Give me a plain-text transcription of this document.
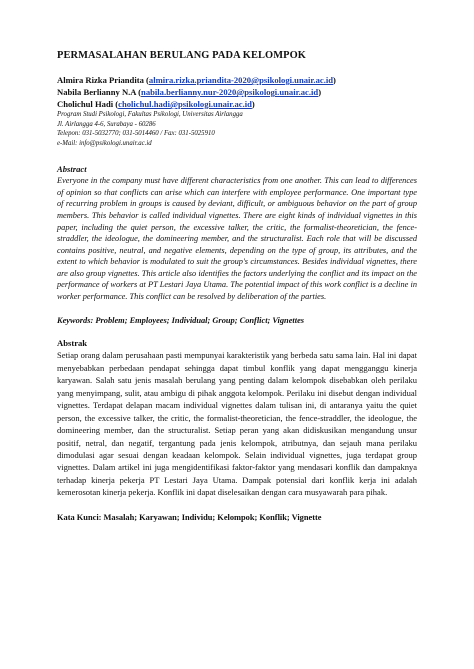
PERMASALAHAN BERULANG PADA KELOMPOK
Almira Rizka Priandita (almira.rizka.priandita-2020@psikologi.unair.ac.id)
Nabila Berlianny N.A (nabila.berlianny.nur-2020@psikologi.unair.ac.id)
Cholichul Hadi (cholichul.hadi@psikologi.unair.ac.id)
Program Studi Psikologi, Fakultas Psikologi, Universitas Airlangga
Jl. Airlangga 4-6, Surabaya - 60286
Telepon: 031-5032770; 031-5014460 / Fax: 031-5025910
e-Mail: info@psikologi.unair.ac.id
Abstract

Everyone in the company must have different characteristics from one another. This can lead to differences of opinion so that conflicts can arise which can interfere with employee performance. One important type of recurring problem in groups is caused by deviant, difficult, or ambiguous behavior on the part of group members. This behavior is called individual vignettes. There are eight kinds of individual vignettes in this paper, including the quiet person, the excessive talker, the critic, the formalist-theoretician, the fence-straddler, the ideologue, the domineering member, and the structuralist. Each role that will be discussed contains positive, neutral, and negative elements, depending on the type of group, its attributes, and the extent to which behavior is modulated to suit the group's circumstances. Besides individual vignettes, there are also group vignettes. This article also identifies the factors underlying the conflict and its impact on the performance of workers at PT Lestari Jaya Utama. The potential impact of this work conflict is a decline in worker performance. This conflict can be resolved by deliberation of the parties.

Keywords: Problem; Employees; Individual; Group; Conflict; Vignettes
Abstrak

Setiap orang dalam perusahaan pasti mempunyai karakteristik yang berbeda satu sama lain. Hal ini dapat menyebabkan perbedaan pendapat sehingga dapat timbul konflik yang dapat mengganggu kinerja karyawan. Salah satu jenis masalah berulang yang penting dalam kelompok disebabkan oleh perilaku yang menyimpang, sulit, atau ambigu di pihak anggota kelompok. Perilaku ini disebut dengan individual vignettes. Terdapat delapan macam individual vignettes dalam tulisan ini, di antaranya yaitu the quiet person, the excessive talker, the critic, the formalist-theoretician, the fence-straddler, the ideologue, the domineering member, dan the structuralist. Setiap peran yang akan didiskusikan mengandung unsur positif, netral, dan negatif, tergantung pada jenis kelompok, atributnya, dan sejauh mana perilaku dimodulasi agar sesuai dengan keadaan kelompok. Selain individual vignettes, juga terdapat group vignettes. Dalam artikel ini juga mengidentifikasi faktor-faktor yang mendasari konflik dan dampaknya terhadap kinerja pekerja PT Lestari Jaya Utama. Dampak potensial dari konflik kerja ini adalah kemerosotan kinerja pekerja. Konflik ini dapat diselesaikan dengan cara musyawarah para pihak.

Kata Kunci: Masalah; Karyawan; Individu; Kelompok; Konflik; Vignette
